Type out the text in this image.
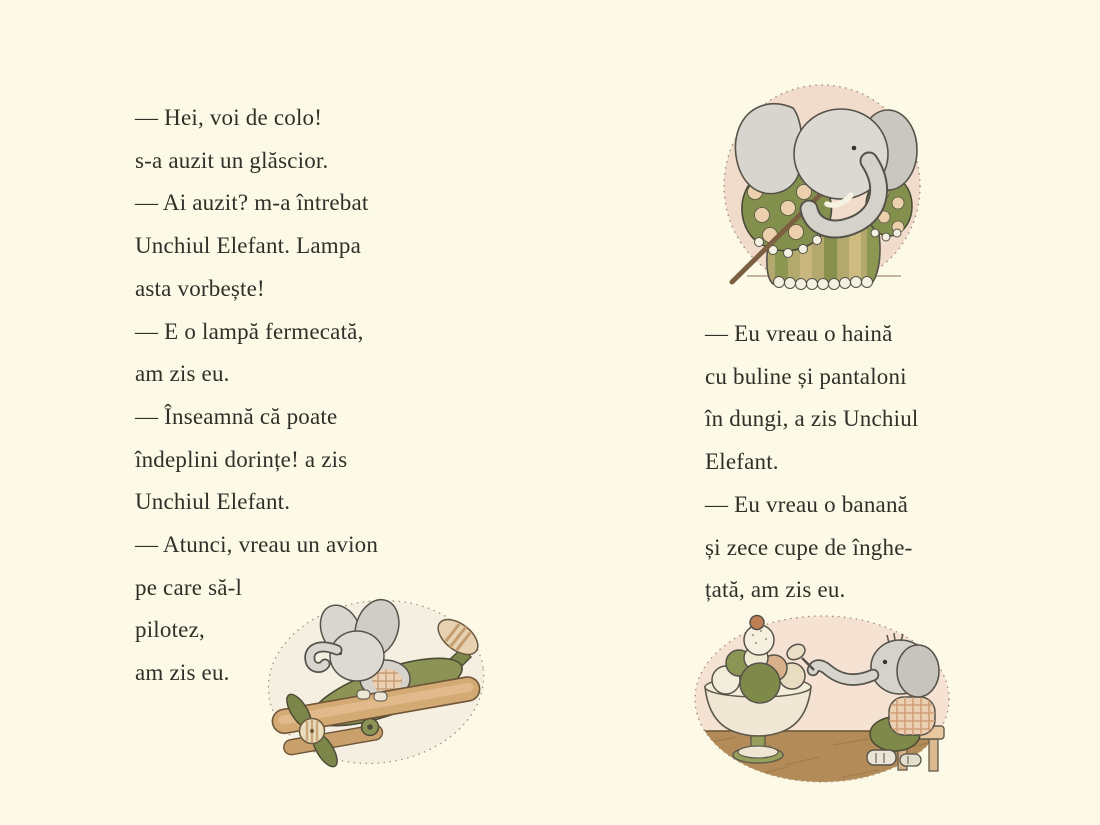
— Hei, voi de colo!
s-a auzit un glăscior.
— Ai auzit? m-a întrebat
Unchiul Elefant. Lampa
asta vorbește!
— E o lampă fermecată,
am zis eu.
— Înseamnă că poate
îndeplini dorințe! a zis
Unchiul Elefant.
— Atunci, vreau un avion
pe care să-l
pilotez,
am zis eu.
— Eu vreau o haină
cu buline și pantaloni
în dungi, a zis Unchiul
Elefant.
— Eu vreau o banană
și zece cupe de înghe-
țată, am zis eu.
